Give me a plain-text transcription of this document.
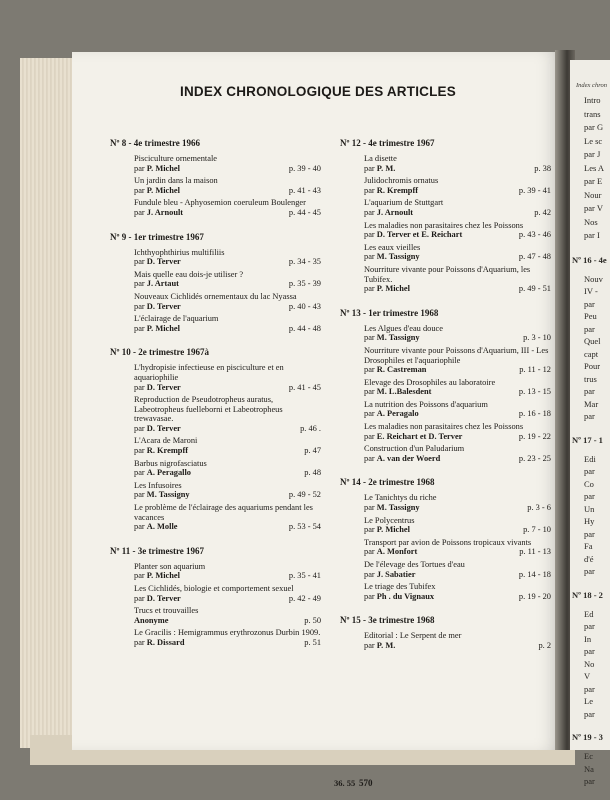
INDEX CHRONOLOGIQUE DES ARTICLES
Nº 8 - 4e trimestre 1966
Pisciculture ornementale
par P. Michel	p. 39 - 40
Un jardin dans la maison
par P. Michel	p. 41 - 43
Fundule bleu - Aphyosemion coeruleum Boulenger
par J. Arnoult	p. 44 - 45
Nº 9 - 1er trimestre 1967
Ichthyophthirius multifiliis
par D. Terver	p. 34 - 35
Mais quelle eau dois-je utiliser ?
par J. Artaut	p. 35 - 39
Nouveaux Cichlidés ornementaux du lac Nyassa
par D. Terver	p. 40 - 43
L'éclairage de l'aquarium
par P. Michel	p. 44 - 48
Nº 10 - 2e trimestre 1967à
L'hydropisie infectieuse en pisciculture et en aquariophilie
par D. Terver	p. 41 - 45
Reproduction de Pseudotropheus auratus, Labeotropheus fuelleborni et Labeotropheus trewavasae.
par D. Terver	p. 46 .
L'Acara de Maroni
par R. Krempff	p. 47
Barbus nigrofasciatus
par A. Peragallo	p. 48
Les Infusoires
par M. Tassigny	p. 49 - 52
Le problème de l'éclairage des aquariums pendant les vacances
par A. Molle	p. 53 - 54
Nº 11 - 3e trimestre 1967
Planter son aquarium
par P. Michel	p. 35 - 41
Les Cichlidés, biologie et comportement sexuel
par D. Terver	p. 42 - 49
Trucs et trouvailles
Anonyme	p. 50
Le Gracilis : Hemigrammus erythrozonus Durbin 1909.
par R. Dissard	p. 51
Nº 12 - 4e trimestre 1967
La disette
par P. M.	p. 38
Julidochromis ornatus
par R. Krempff	p. 39 - 41
L'aquarium de Stuttgart
par J. Arnoult	p. 42
Les maladies non parasitaires chez les Poissons
par D. Terver et E. Reichart	p. 43 - 46
Les eaux vieilles
par M. Tassigny	p. 47 - 48
Nourriture vivante pour Poissons d'Aquarium, les Tubifex.
par P. Michel	p. 49 - 51
Nº 13 - 1er trimestre 1968
Les Algues d'eau douce
par M. Tassigny	p. 3 - 10
Nourriture vivante pour Poissons d'Aquarium, III - Les Drosophiles et l'aquariophile
par R. Castreman	p. 11 - 12
Elevage des Drosophiles au laboratoire
par M. L.Balesdent	p. 13 - 15
La nutrition des Poissons d'aquarium
par A. Peragalo	p. 16 - 18
Les maladies non parasitaires chez les Poissons
par E. Reichart et D. Terver	p. 19 - 22
Construction d'un Paludarium
par A. van der Woerd	p. 23 - 25
Nº 14 - 2e trimestre 1968
Le Tanichtys du riche
par M. Tassigny	p. 3 - 6
Le Polycentrus
par P. Michel	p. 7 - 10
Transport par avion de Poissons tropicaux vivants
par A. Monfort	p. 11 - 13
De l'élevage des Tortues d'eau
par J. Sabatier	p. 14 - 18
Le triage des Tubifex
par Ph . du Vignaux	p. 19 - 20
Nº 15 - 3e trimestre 1968
Editorial : Le Serpent de mer
par P. M.	p. 2
36. 55 570
Index chron
Intro
trans
par G
Le sc
par J
Les A
par E
Nour
par V
Nos
par I
Nº 16 - 4e
Nouv
IV -
par
Peu
par
Quel
capt
Pour
trus
par
Mar
par
Nº 17 - 1
Edi
par
Co
par
Un
Hy
par
Fa
d'é
par
Nº 18 - 2
Ed
par
In
par
No
V
par
Le
par
Nº 19 - 3
Ec
Na
par
